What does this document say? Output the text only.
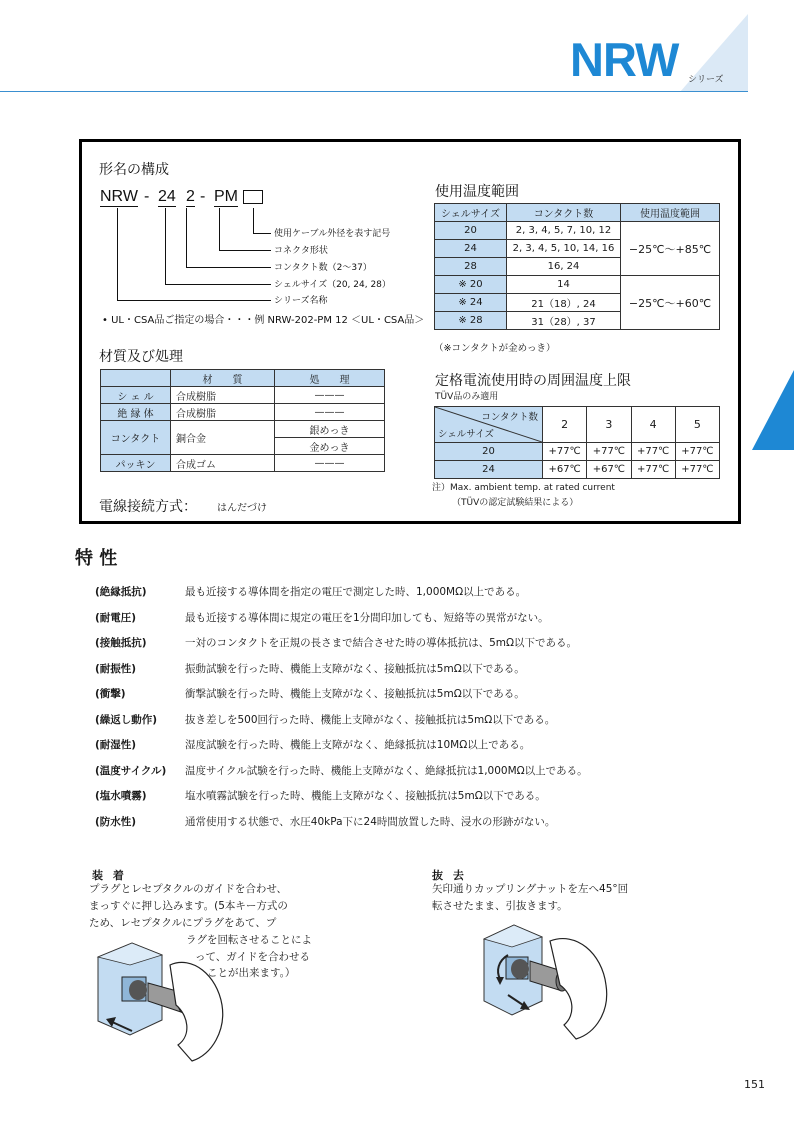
NRW シリーズ
形名の構成
NRW - 24 2 - PM
使用ケーブル外径を表す記号
コネクタ形状
コンタクト数（2〜37）
シェルサイズ（20, 24, 28）
シリーズ名称
• UL・CSA品ご指定の場合・・・例 NRW-202-PM 12 ＜UL・CSA品＞
材質及び処理
	材　　質	処　　理
シ ェ ル	合成樹脂	———
絶 縁 体	合成樹脂	———
コンタクト	銅合金	銀めっき
		金めっき
パッキン	合成ゴム	———
電線接続方式： はんだづけ
使用温度範囲
シェルサイズ	コンタクト数	使用温度範囲
20	2, 3, 4, 5, 7, 10, 12	−25℃〜+85℃
24	2, 3, 4, 5, 10, 14, 16	
28	16, 24	
※ 20	14	−25℃〜+60℃
※ 24	21（18）, 24	
※ 28	31（28）, 37	
（※コンタクトが金めっき）
定格電流使用時の周囲温度上限
TÜV品のみ適用
コンタクト数
シェルサイズ	2	3	4	5
20	+77℃	+77℃	+77℃	+77℃
24	+67℃	+67℃	+77℃	+77℃
注）Max. ambient temp. at rated current
（TÜVの認定試験結果による）
特 性
(絶縁抵抗)	最も近接する導体間を指定の電圧で測定した時、1,000MΩ以上である。
(耐電圧)	最も近接する導体間に規定の電圧を1分間印加しても、短絡等の異常がない。
(接触抵抗)	一対のコンタクトを正規の長さまで結合させた時の導体抵抗は、5mΩ以下である。
(耐振性)	振動試験を行った時、機能上支障がなく、接触抵抗は5mΩ以下である。
(衝撃)	衝撃試験を行った時、機能上支障がなく、接触抵抗は5mΩ以下である。
(繰返し動作)	抜き差しを500回行った時、機能上支障がなく、接触抵抗は5mΩ以下である。
(耐湿性)	湿度試験を行った時、機能上支障がなく、絶縁抵抗は10MΩ以上である。
(温度サイクル) 温度サイクル試験を行った時、機能上支障がなく、絶縁抵抗は1,000MΩ以上である。
(塩水噴霧)	塩水噴霧試験を行った時、機能上支障がなく、接触抵抗は5mΩ以下である。
(防水性)	通常使用する状態で、水圧40kPa下に24時間放置した時、浸水の形跡がない。
装 着
プラグとレセプタクルのガイドを合わせ、
まっすぐに押し込みます。(5本キー方式の
ため、レセプタクルにプラグをあて、プ
ラグを回転させることによ
って、ガイドを合わせる
ことが出来ます。）
抜 去
矢印通りカップリングナットを左へ45°回
転させたまま、引抜きます。
151
